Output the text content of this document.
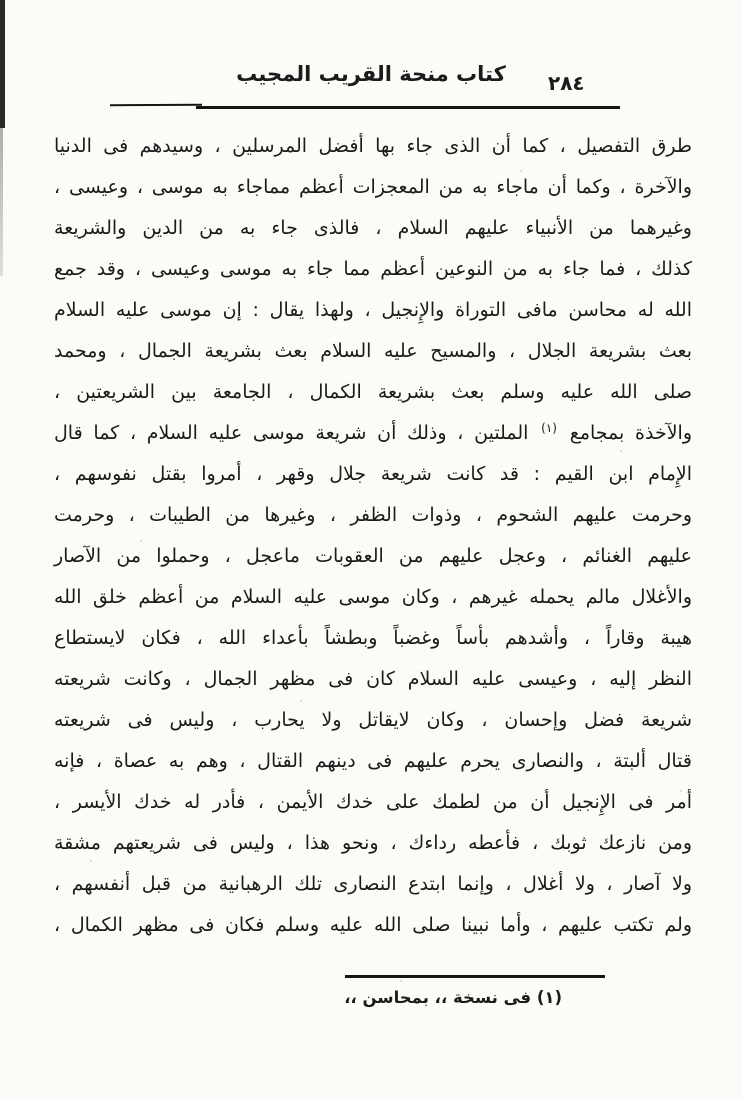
كتاب منحة القريب المجيب	٢٨٤
طرق التفصيل ، كما أن الذى جاء بها أفضل المرسلين ، وسيدهم فى الدنيا
والآخرة ، وكما أن ماجاء به من المعجزات أعظم مماجاء به موسى ، وعيسى ،
وغيرهما من الأنبياء عليهم السلام ، فالذى جاء به من الدين والشريعة
كذلك ، فما جاء به من النوعين أعظم مما جاء به موسى وعيسى ، وقد جمع
الله له محاسن مافى التوراة والإِنجيل ، ولهذا يقال : إن موسى عليه السلام
بعث بشريعة الجلال ، والمسيح عليه السلام بعث بشريعة الجمال ، ومحمد
صلى الله عليه وسلم بعث بشريعة الكمال ، الجامعة بين الشريعتين ،
والآخذة بمجامع $^{(١)}$ الملتين ، وذلك أن شريعة موسى عليه السلام ، كما قال
الإِمام ابن القيم : قد كانت شريعة جلال وقهر ، أمروا بقتل نفوسهم ،
وحرمت عليهم الشحوم ، وذوات الظفر ، وغيرها من الطيبات ، وحرمت
عليهم الغنائم ، وعجل عليهم من العقوبات ماعجل ، وحملوا من الآصار
والأغلال مالم يحمله غيرهم ، وكان موسى عليه السلام من أعظم خلق الله
هيبة وقاراً ، وأشدهم بأساً وغضباً وبطشاً بأعداء الله ، فكان لايستطاع
النظر إليه ، وعيسى عليه السلام كان فى مظهر الجمال ، وكانت شريعته
شريعة فضل وإحسان ، وكان لايقاتل ولا يحارب ، وليس فى شريعته
قتال ألبتة ، والنصارى يحرم عليهم فى دينهم القتال ، وهم به عصاة ، فإنه
أمر فى الإِنجيل أن من لطمك على خدك الأيمن ، فأدر له خدك الأيسر ،
ومن نازعك ثوبك ، فأعطه رداءك ، ونحو هذا ، وليس فى شريعتهم مشقة
ولا آصار ، ولا أغلال ، وإنما ابتدع النصارى تلك الرهبانية من قبل أنفسهم ،
ولم تكتب عليهم ، وأما نبينا صلى الله عليه وسلم فكان فى مظهر الكمال ،
(١) فى نسخة ،، بمحاسن ،،
